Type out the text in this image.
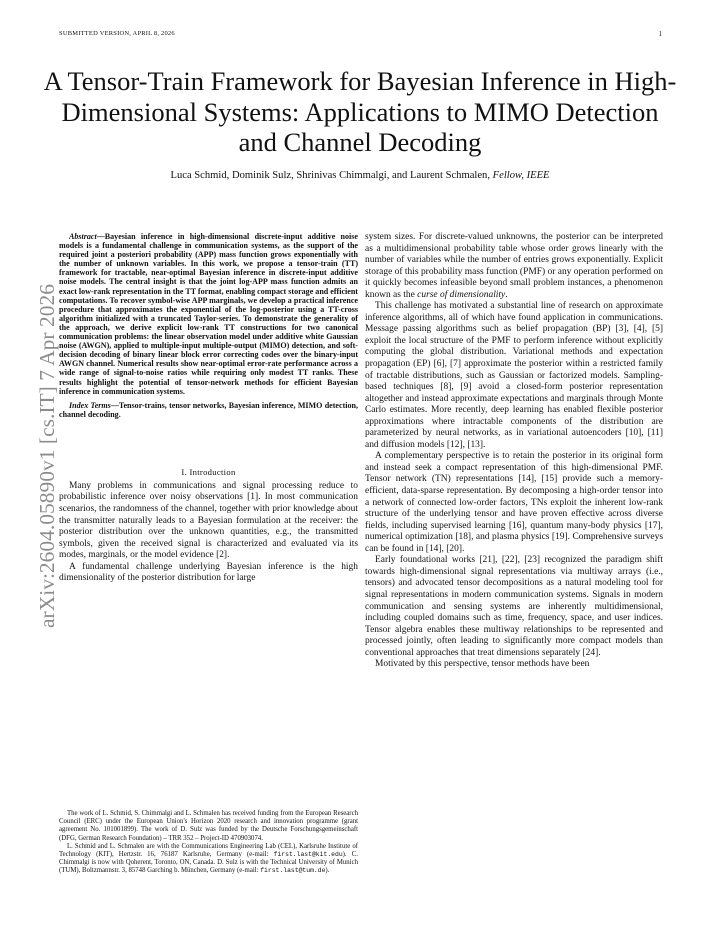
SUBMITTED VERSION, APRIL 8, 2026	1
A Tensor-Train Framework for Bayesian Inference in High-Dimensional Systems: Applications to MIMO Detection and Channel Decoding
Luca Schmid, Dominik Sulz, Shrinivas Chimmalgi, and Laurent Schmalen, Fellow, IEEE
arXiv:2604.05890v1 [cs.IT] 7 Apr 2026

Abstract—Bayesian inference in high-dimensional discrete-input additive noise models is a fundamental challenge in communication systems, as the support of the required joint a posteriori probability (APP) mass function grows exponentially with the number of unknown variables. In this work, we propose a tensor-train (TT) framework for tractable, near-optimal Bayesian inference in discrete-input additive noise models. The central insight is that the joint log-APP mass function admits an exact low-rank representation in the TT format, enabling compact storage and efficient computations. To recover symbol-wise APP marginals, we develop a practical inference procedure that approximates the exponential of the log-posterior using a TT-cross algorithm initialized with a truncated Taylor-series. To demonstrate the generality of the approach, we derive explicit low-rank TT constructions for two canonical communication problems: the linear observation model under additive white Gaussian noise (AWGN), applied to multiple-input multiple-output (MIMO) detection, and soft-decision decoding of binary linear block error correcting codes over the binary-input AWGN channel. Numerical results show near-optimal error-rate performance across a wide range of signal-to-noise ratios while requiring only modest TT ranks. These results highlight the potential of tensor-network methods for efficient Bayesian inference in communication systems.

Index Terms—Tensor-trains, tensor networks, Bayesian inference, MIMO detection, channel decoding.

I. Introduction

Many problems in communications and signal processing reduce to probabilistic inference over noisy observations [1]. In most communication scenarios, the randomness of the channel, together with prior knowledge about the transmitter naturally leads to a Bayesian formulation at the receiver: the posterior distribution over the unknown quantities, e.g., the transmitted symbols, given the received signal is characterized and evaluated via its modes, marginals, or the model evidence [2].

A fundamental challenge underlying Bayesian inference is the high dimensionality of the posterior distribution for large

system sizes. For discrete-valued unknowns, the posterior can be interpreted as a multidimensional probability table whose order grows linearly with the number of variables while the number of entries grows exponentially. Explicit storage of this probability mass function (PMF) or any operation performed on it quickly becomes infeasible beyond small problem instances, a phenomenon known as the curse of dimensionality.

This challenge has motivated a substantial line of research on approximate inference algorithms, all of which have found application in communications. Message passing algorithms such as belief propagation (BP) [3], [4], [5] exploit the local structure of the PMF to perform inference without explicitly computing the global distribution. Variational methods and expectation propagation (EP) [6], [7] approximate the posterior within a restricted family of tractable distributions, such as Gaussian or factorized models. Sampling-based techniques [8], [9] avoid a closed-form posterior representation altogether and instead approximate expectations and marginals through Monte Carlo estimates. More recently, deep learning has enabled flexible posterior approximations where intractable components of the distribution are parameterized by neural networks, as in variational autoencoders [10], [11] and diffusion models [12], [13].

A complementary perspective is to retain the posterior in its original form and instead seek a compact representation of this high-dimensional PMF. Tensor network (TN) representations [14], [15] provide such a memory-efficient, data-sparse representation. By decomposing a high-order tensor into a network of connected low-order factors, TNs exploit the inherent low-rank structure of the underlying tensor and have proven effective across diverse fields, including supervised learning [16], quantum many-body physics [17], numerical optimization [18], and plasma physics [19]. Comprehensive surveys can be found in [14], [20].

Early foundational works [21], [22], [23] recognized the paradigm shift towards high-dimensional signal representations via multiway arrays (i.e., tensors) and advocated tensor decompositions as a natural modeling tool for signal representations in modern communication systems. Signals in modern communication and sensing systems are inherently multidimensional, including coupled domains such as time, frequency, space, and user indices. Tensor algebra enables these multiway relationships to be represented and processed jointly, often leading to significantly more compact models than conventional approaches that treat dimensions separately [24].

Motivated by this perspective, tensor methods have been

The work of L. Schmid, S. Chimmalgi and L. Schmalen has received funding from the European Research Council (ERC) under the European Union's Horizon 2020 research and innovation programme (grant agreement No. 101001899). The work of D. Sulz was funded by the Deutsche Forschungsgemeinschaft (DFG, German Research Foundation) – TRR 352 – Project-ID 470903074.

L. Schmid and L. Schmalen are with the Communications Engineering Lab (CEL), Karlsruhe Institute of Technology (KIT), Hertzstr. 16, 76187 Karlsruhe, Germany (e-mail: first.last@kit.edu). C. Chimmalgi is now with Qoherent, Toronto, ON, Canada. D. Sulz is with the Technical University of Munich (TUM), Boltzmannstr. 3, 85748 Garching b. München, Germany (e-mail: first.last@tum.de).
